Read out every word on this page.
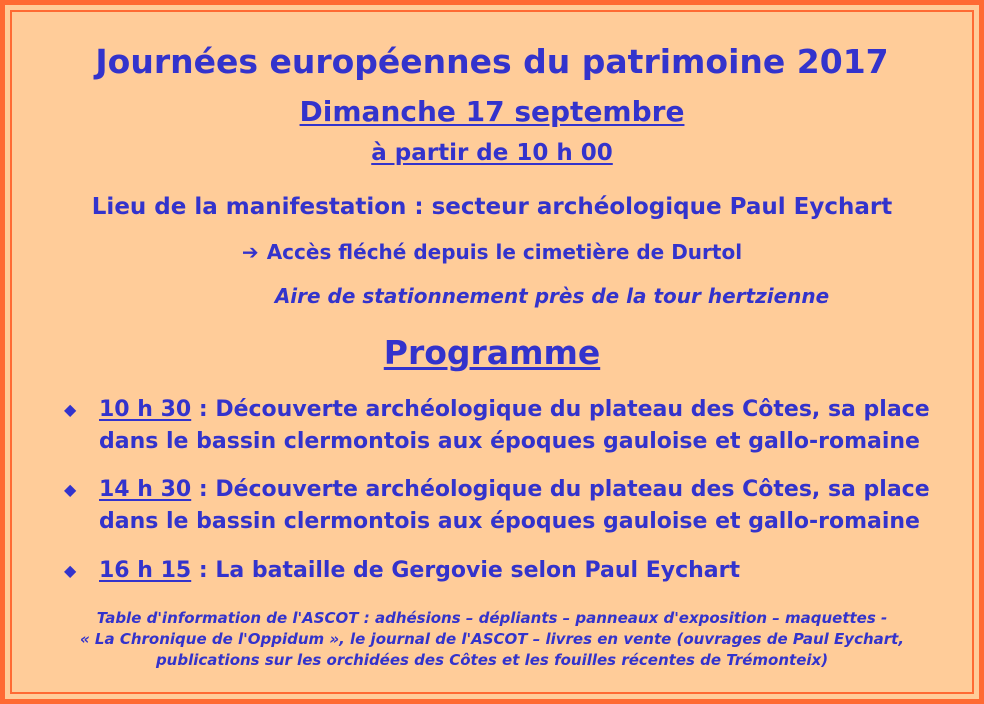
Journées européennes du patrimoine 2017
Dimanche 17 septembre
à partir de 10 h 00
Lieu de la manifestation : secteur archéologique Paul Eychart
➔ Accès fléché depuis le cimetière de Durtol
Aire de stationnement près de la tour hertzienne
Programme
◆ 10 h 30 : Découverte archéologique du plateau des Côtes, sa place
dans le bassin clermontois aux époques gauloise et gallo-romaine
◆ 14 h 30 : Découverte archéologique du plateau des Côtes, sa place
dans le bassin clermontois aux époques gauloise et gallo-romaine
◆ 16 h 15 : La bataille de Gergovie selon Paul Eychart
Table d'information de l'ASCOT : adhésions – dépliants – panneaux d'exposition – maquettes -
« La Chronique de l'Oppidum », le journal de l'ASCOT – livres en vente (ouvrages de Paul Eychart,
publications sur les orchidées des Côtes et les fouilles récentes de Trémonteix)
